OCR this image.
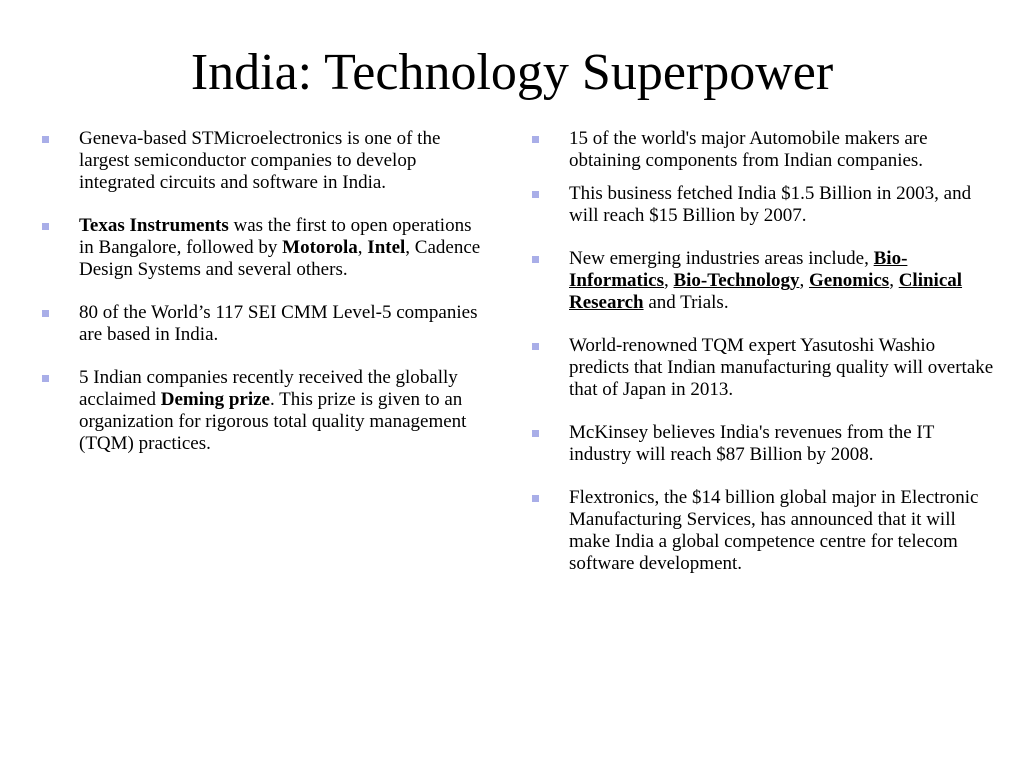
India: Technology Superpower
Geneva-based STMicroelectronics is one of the largest semiconductor companies to develop integrated circuits and software in India.
Texas Instruments was the first to open operations in Bangalore, followed by Motorola, Intel, Cadence Design Systems and several others.
80 of the World’s 117 SEI CMM Level-5 companies are based in India.
5 Indian companies recently received the globally acclaimed Deming prize. This prize is given to an organization for rigorous total quality management (TQM) practices.
15 of the world's major Automobile makers are obtaining components from Indian companies.
This business fetched India $1.5 Billion in 2003, and will reach $15 Billion by 2007.
New emerging industries areas include, Bio-Informatics, Bio-Technology, Genomics, Clinical Research and Trials.
World-renowned TQM expert Yasutoshi Washio predicts that Indian manufacturing quality will overtake that of Japan in 2013.
McKinsey believes India's revenues from the IT industry will reach $87 Billion by 2008.
Flextronics, the $14 billion global major in Electronic Manufacturing Services, has announced that it will make India a global competence centre for telecom software development.
